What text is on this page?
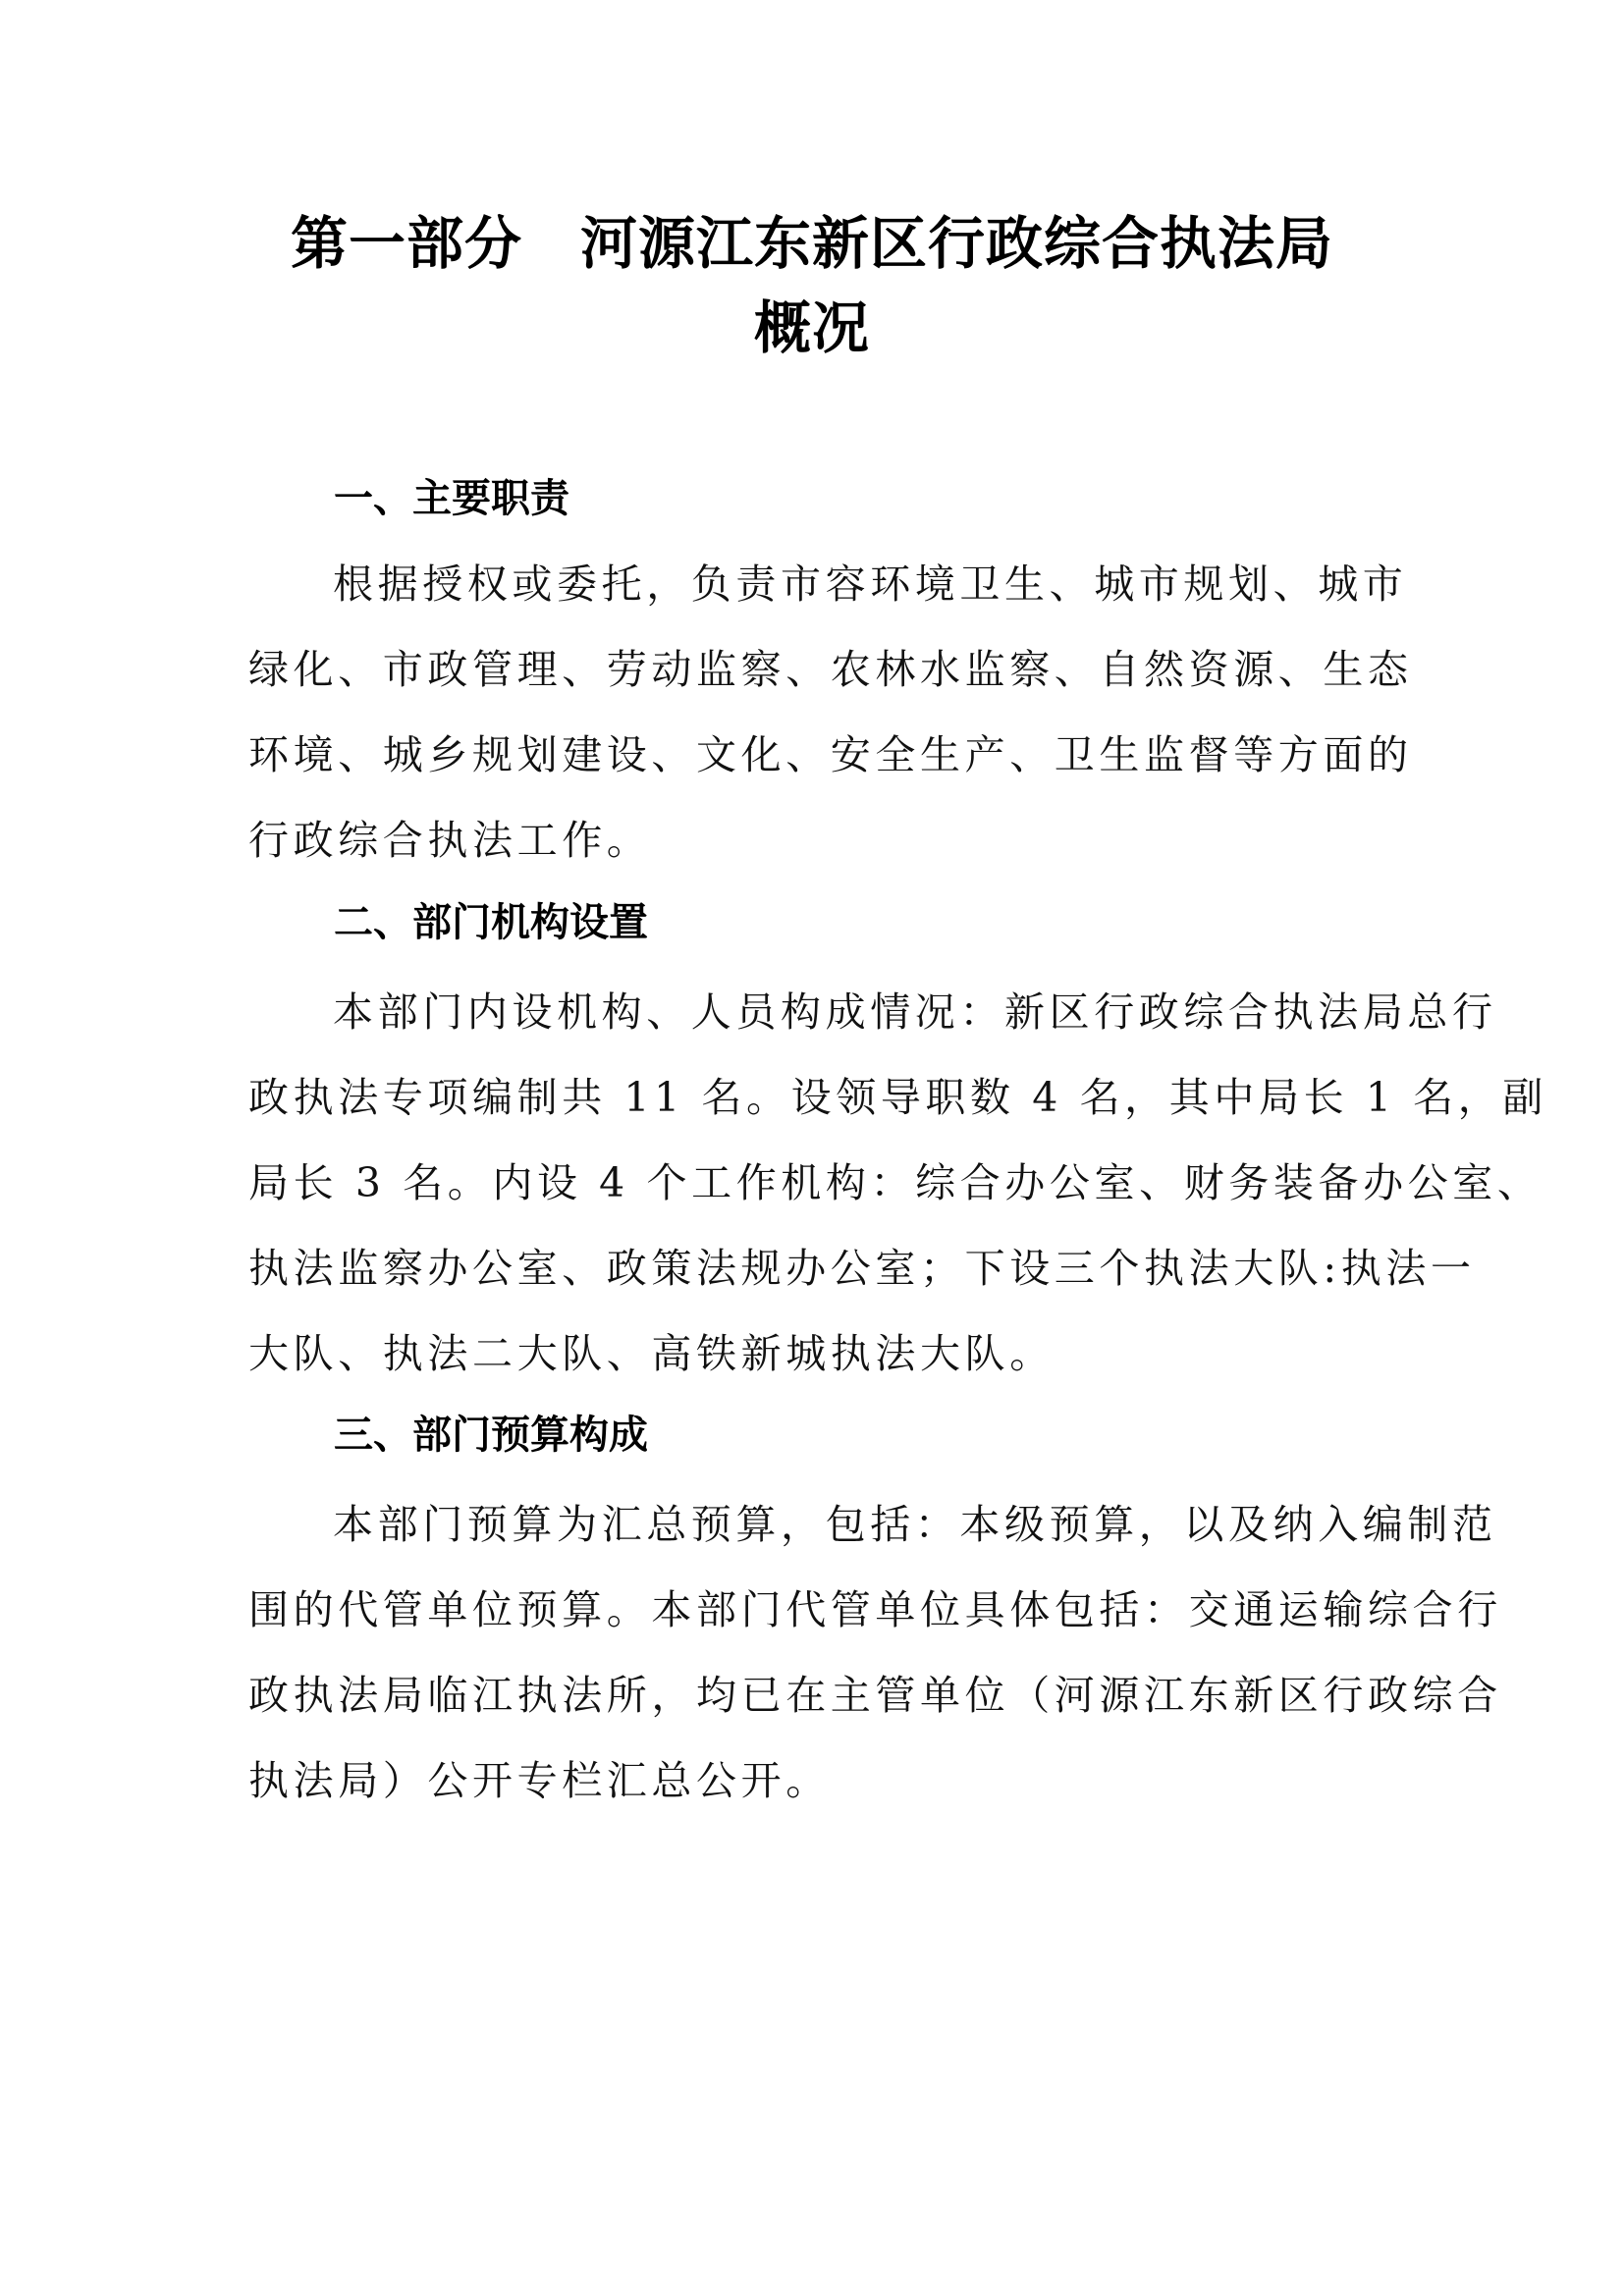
第一部分　河源江东新区行政综合执法局
概况
一、主要职责
根据授权或委托，负责市容环境卫生、城市规划、城市
绿化、市政管理、劳动监察、农林水监察、自然资源、生态
环境、城乡规划建设、文化、安全生产、卫生监督等方面的
行政综合执法工作。
二、部门机构设置
本部门内设机构、人员构成情况：新区行政综合执法局总行
政执法专项编制共 11 名。设领导职数 4 名，其中局长 1 名，副
局长 3 名。内设 4 个工作机构：综合办公室、财务装备办公室、
执法监察办公室、政策法规办公室；下设三个执法大队:执法一
大队、执法二大队、高铁新城执法大队。
三、部门预算构成
本部门预算为汇总预算，包括：本级预算，以及纳入编制范
围的代管单位预算。本部门代管单位具体包括：交通运输综合行
政执法局临江执法所，均已在主管单位（河源江东新区行政综合
执法局）公开专栏汇总公开。
